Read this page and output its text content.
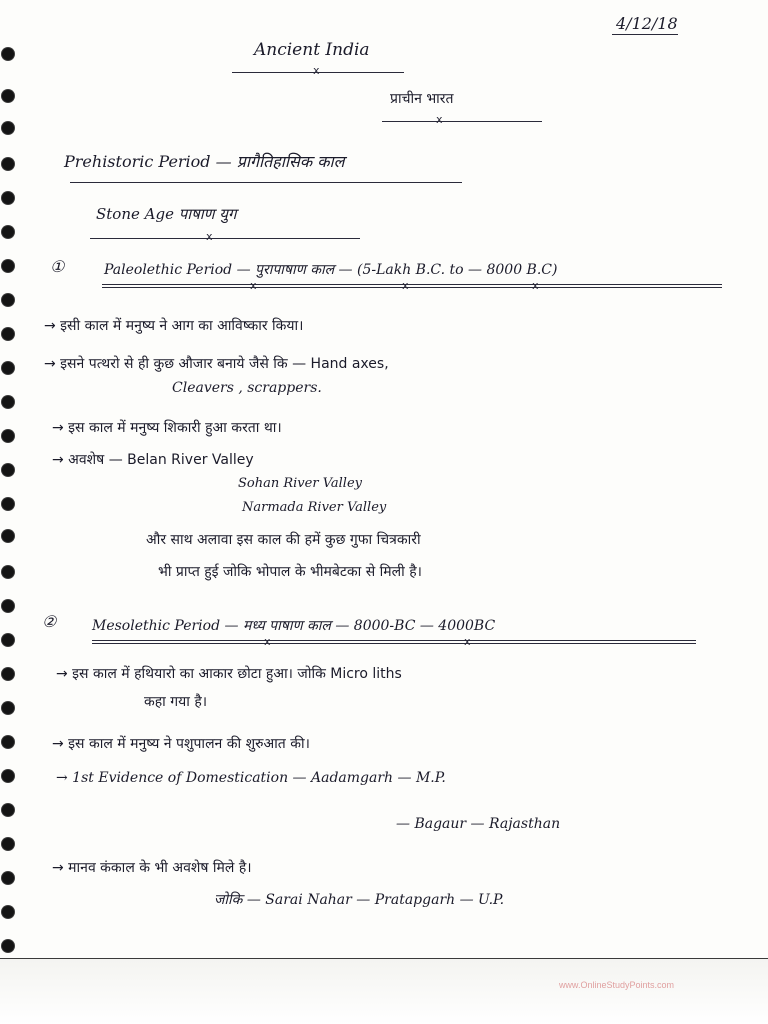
4/12/18
Ancient India
x
प्राचीन भारत
x
Prehistoric Period — प्रागैतिहासिक काल
Stone Age पाषाण युग
x
①	Paleolethic Period — पुरापाषाण काल — (5-Lakh B.C. to — 8000 B.C)
x	x	x
→ इसी काल में मनुष्य ने आग का आविष्कार किया।
→ इसने पत्थरो से ही कुछ औजार बनाये जैसे कि — Hand axes,
Cleavers , scrappers.
→ इस काल में मनुष्य शिकारी हुआ करता था।
→ अवशेष — Belan River Valley
Sohan River Valley
Narmada River Valley
और साथ अलावा इस काल की हमें कुछ गुफा चित्रकारी
भी प्राप्त हुई जोकि भोपाल के भीमबेटका से मिली है।
②	Mesolethic Period — मध्य पाषाण काल — 8000-BC — 4000BC
x	x
→ इस काल में हथियारो का आकार छोटा हुआ। जोकि Micro liths
कहा गया है।
→ इस काल में मनुष्य ने पशुपालन की शुरुआत की।
→ 1st Evidence of Domestication — Aadamgarh — M.P.
— Bagaur — Rajasthan
→ मानव कंकाल के भी अवशेष मिले है।
जोकि — Sarai Nahar — Pratapgarh — U.P.
www.OnlineStudyPoints.com
